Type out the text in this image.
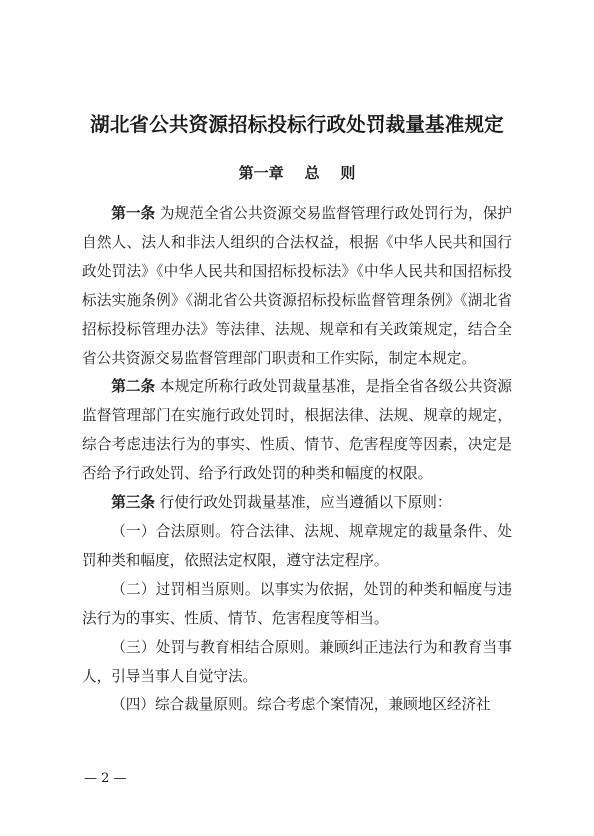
湖北省公共资源招标投标行政处罚裁量基准规定
第一章    总    则

第一条 为规范全省公共资源交易监督管理行政处罚行为，保护自然人、法人和非法人组织的合法权益，根据《中华人民共和国行政处罚法》《中华人民共和国招标投标法》《中华人民共和国招标投标法实施条例》《湖北省公共资源招标投标监督管理条例》《湖北省招标投标管理办法》等法律、法规、规章和有关政策规定，结合全省公共资源交易监督管理部门职责和工作实际，制定本规定。

第二条 本规定所称行政处罚裁量基准，是指全省各级公共资源监督管理部门在实施行政处罚时，根据法律、法规、规章的规定，综合考虑违法行为的事实、性质、情节、危害程度等因素，决定是否给予行政处罚、给予行政处罚的种类和幅度的权限。

第三条 行使行政处罚裁量基准，应当遵循以下原则：

（一）合法原则。符合法律、法规、规章规定的裁量条件、处罚种类和幅度，依照法定权限，遵守法定程序。

（二）过罚相当原则。以事实为依据，处罚的种类和幅度与违法行为的事实、性质、情节、危害程度等相当。

（三）处罚与教育相结合原则。兼顾纠正违法行为和教育当事人，引导当事人自觉守法。

（四）综合裁量原则。综合考虑个案情况，兼顾地区经济社

— 2 —
